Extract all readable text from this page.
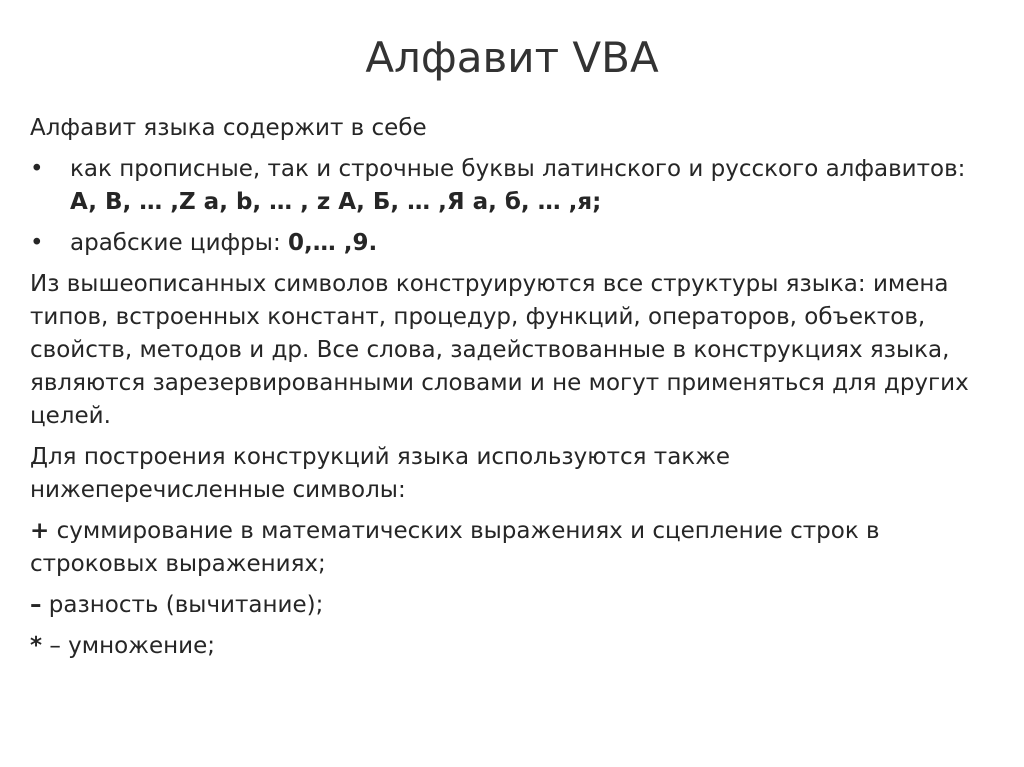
Алфавит VBA

Алфавит языка содержит в себе

• как прописные, так и строчные буквы латинского и русского алфавитов: A, B, … ,Z a, b, … , z А, Б, … ,Я а, б, … ,я;
• арабские цифры: 0,… ,9.

Из вышеописанных символов конструируются все структуры языка: имена типов, встроенных констант, процедур, функций, операторов, объектов, свойств, методов и др. Все слова, задействованные в конструкциях языка, являются зарезервированными словами и не могут применяться для других целей.

Для построения конструкций языка используются также нижеперечисленные символы:

+ суммирование в математических выражениях и сцепление строк в строковых выражениях;

– разность (вычитание);

* – умножение;
